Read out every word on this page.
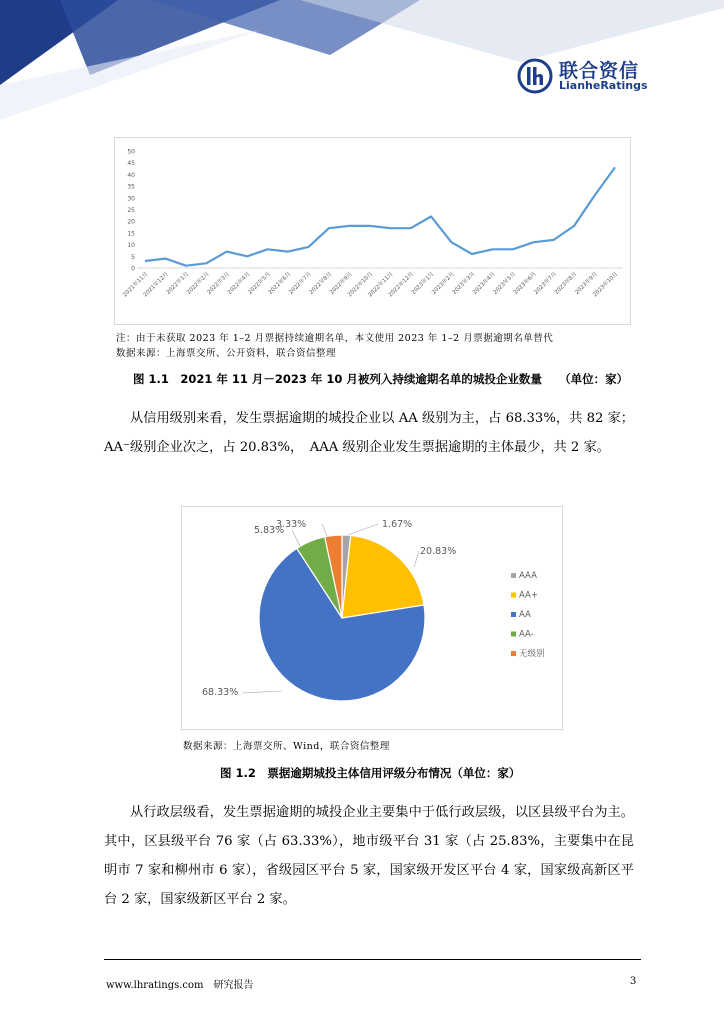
联合资信
LianheRatings
0
5
10
15
20
25
30
35
40
45
50
2021年11月
2021年12月
2022年1月
2022年2月
2022年3月
2022年4月
2022年5月
2022年6月
2022年7月
2022年8月
2022年9月
2022年10月
2022年11月
2022年12月
2023年1月
2023年2月
2023年3月
2023年4月
2023年5月
2023年6月
2023年7月
2023年8月
2023年9月
2023年10月
注：由于未获取 2023 年 1–2 月票据持续逾期名单，本文使用 2023 年 1–2 月票据逾期名单替代
数据来源：上海票交所、公开资料，联合资信整理
图 1.1　2021 年 11 月－2023 年 10 月被列入持续逾期名单的城投企业数量　　（单位：家）

从信用级别来看，发生票据逾期的城投企业以 AA 级别为主，占 68.33%，共 82 家；AA⁻级别企业次之，占 20.83%，　AAA 级别企业发生票据逾期的主体最少，共 2 家。

1.67%
20.83%
68.33%
5.83%
3.33%
AAA
AA+
AA
AA-
无级别
数据来源：上海票交所、Wind，联合资信整理
图 1.2　票据逾期城投主体信用评级分布情况（单位：家）

从行政层级看，发生票据逾期的城投企业主要集中于低行政层级，以区县级平台为主。其中，区县级平台 76 家（占 63.33%），地市级平台 31 家（占 25.83%，主要集中在昆明市 7 家和柳州市 6 家），省级园区平台 5 家，国家级开发区平台 4 家，国家级高新区平台 2 家，国家级新区平台 2 家。

www.lhratings.com　研究报告	3
